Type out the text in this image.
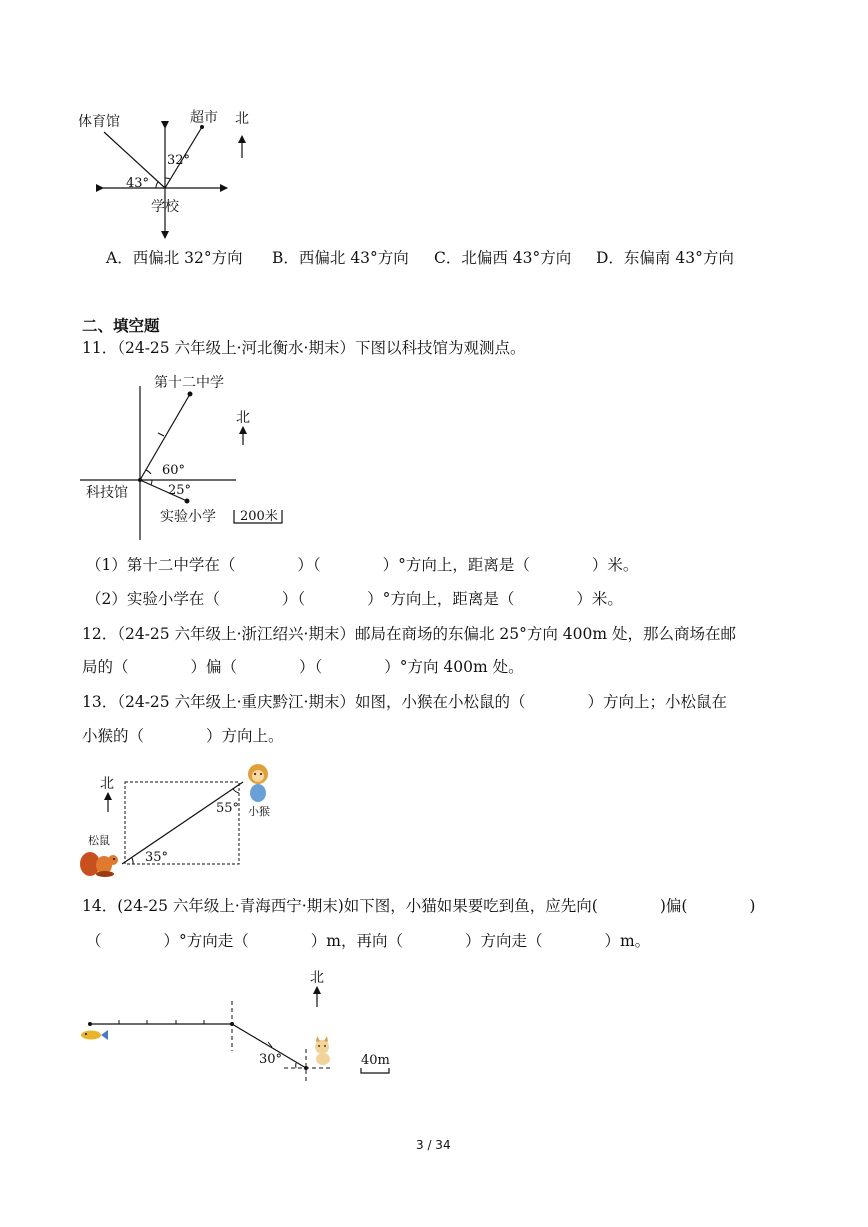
体育馆	超市 北
32°
43°
学校
A．西偏北 32°方向 B．西偏北 43°方向 C．北偏西 43°方向 D．东偏南 43°方向
二、填空题
11．（24-25 六年级上·河北衡水·期末）下图以科技馆为观测点。
第十二中学
北
60°
25°
科技馆
实验小学 200米
（1）第十二中学在（　　　　）（　　　　）°方向上，距离是（　　　　）米。
（2）实验小学在（　　　　）（　　　　）°方向上，距离是（　　　　）米。
12．（24-25 六年级上·浙江绍兴·期末）邮局在商场的东偏北 25°方向 400m 处，那么商场在邮
局的（　　　　）偏（　　　　）（　　　　）°方向 400m 处。
13．（24-25 六年级上·重庆黔江·期末）如图，小猴在小松鼠的（　　　　）方向上；小松鼠在
小猴的（　　　　）方向上。
北
55°
35°
松鼠
小猴
14．(24-25 六年级上·青海西宁·期末)如下图，小猫如果要吃到鱼，应先向(　　　　)偏(　　　　)
（　　　　）°方向走（　　　　）m，再向（　　　　）方向走（　　　　）m。
北
30°	40m
3 / 34
